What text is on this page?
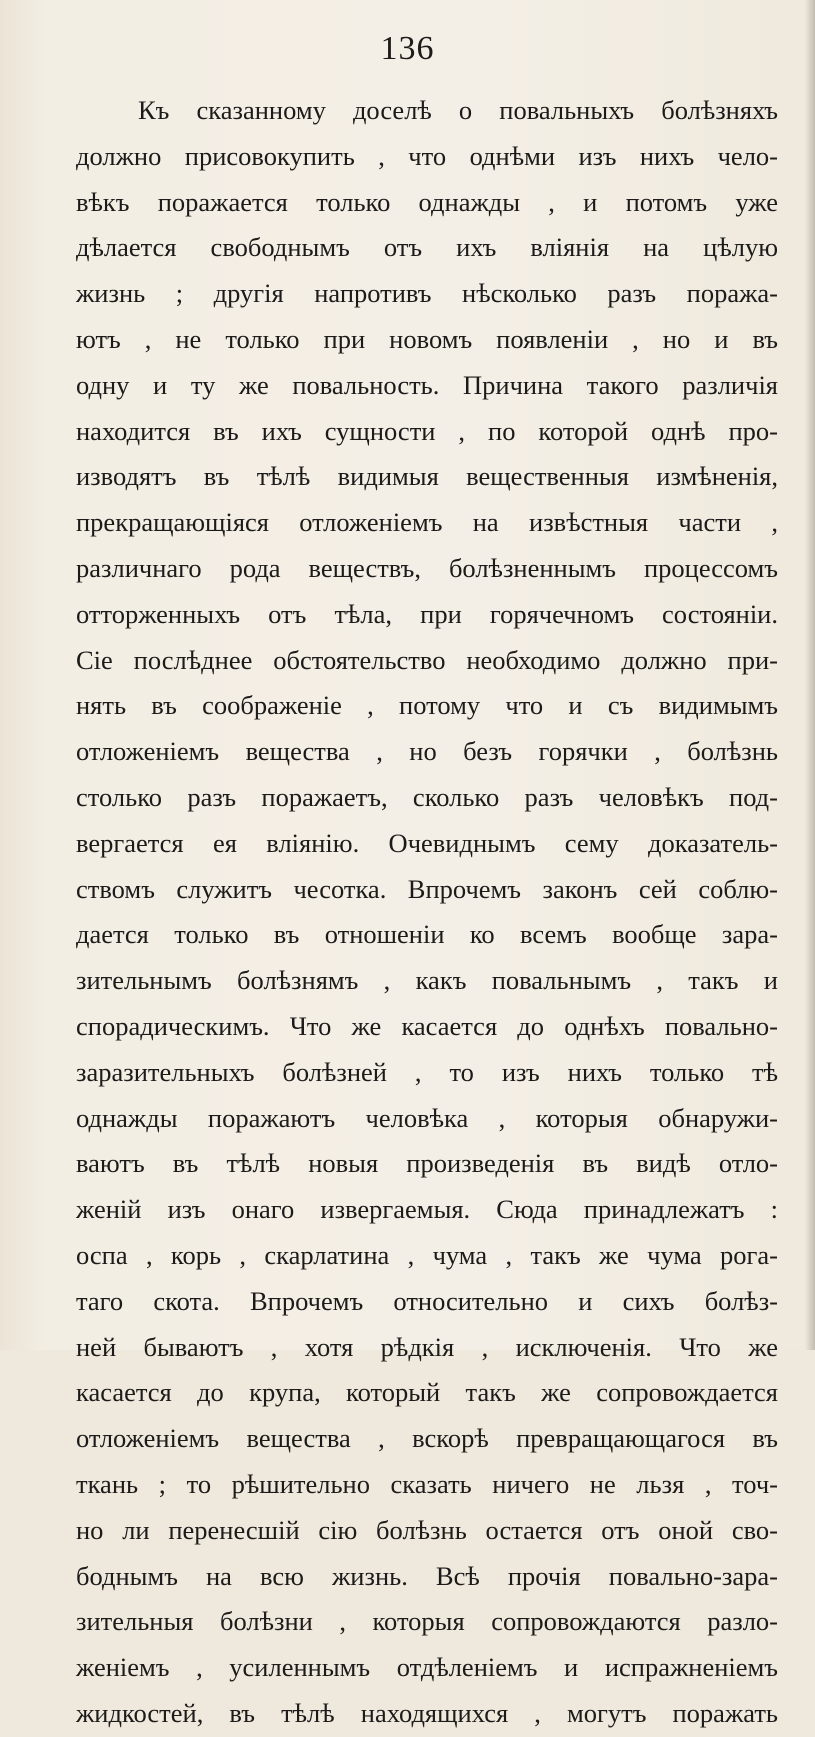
136
Къ сказанному доселѣ о повальныхъ болѣзняхъ
должно присовокупить , что однѣми изъ нихъ чело-
вѣкъ поражается только однажды , и потомъ уже
дѣлается свободнымъ отъ ихъ вліянія на цѣлую
жизнь ; другія напротивъ нѣсколько разъ поража-
ютъ , не только при новомъ появленіи , но и въ
одну и ту же повальность. Причина такого различія
находится въ ихъ сущности , по которой однѣ про-
изводятъ въ тѣлѣ видимыя вещественныя измѣненія,
прекращающіяся отложеніемъ на извѣстныя части ,
различнаго рода веществъ, болѣзненнымъ процессомъ
отторженныхъ отъ тѣла, при горячечномъ состояніи.
Сіе послѣднее обстоятельство необходимо должно при-
нять въ соображеніе , потому что и съ видимымъ
отложеніемъ вещества , но безъ горячки , болѣзнь
столько разъ поражаетъ, сколько разъ человѣкъ под-
вергается ея вліянію. Очевиднымъ сему доказатель-
ствомъ служитъ чесотка. Впрочемъ законъ сей соблю-
дается только въ отношеніи ко всемъ вообще зара-
зительнымъ болѣзнямъ , какъ повальнымъ , такъ и
спорадическимъ. Что же касается до однѣхъ повально-
заразительныхъ болѣзней , то изъ нихъ только тѣ
однажды поражаютъ человѣка , которыя обнаружи-
ваютъ въ тѣлѣ новыя произведенія въ видѣ отло-
женій изъ онаго извергаемыя. Сюда принадлежатъ :
оспа , корь , скарлатина , чума , такъ же чума рога-
таго скота. Впрочемъ относительно и сихъ болѣз-
ней бываютъ , хотя рѣдкія , исключенія. Что же
касается до крупа, который такъ же сопровождается
отложеніемъ вещества , вскорѣ превращающагося въ
ткань ; то рѣшительно сказать ничего не льзя , точ-
но ли перенесшій сію болѣзнь остается отъ оной сво-
боднымъ на всю жизнь. Всѣ прочія повально-зара-
зительныя болѣзни , которыя сопровождаются разло-
женіемъ , усиленнымъ отдѣленіемъ и испражненіемъ
жидкостей, въ тѣлѣ находящихся , могутъ поражать
